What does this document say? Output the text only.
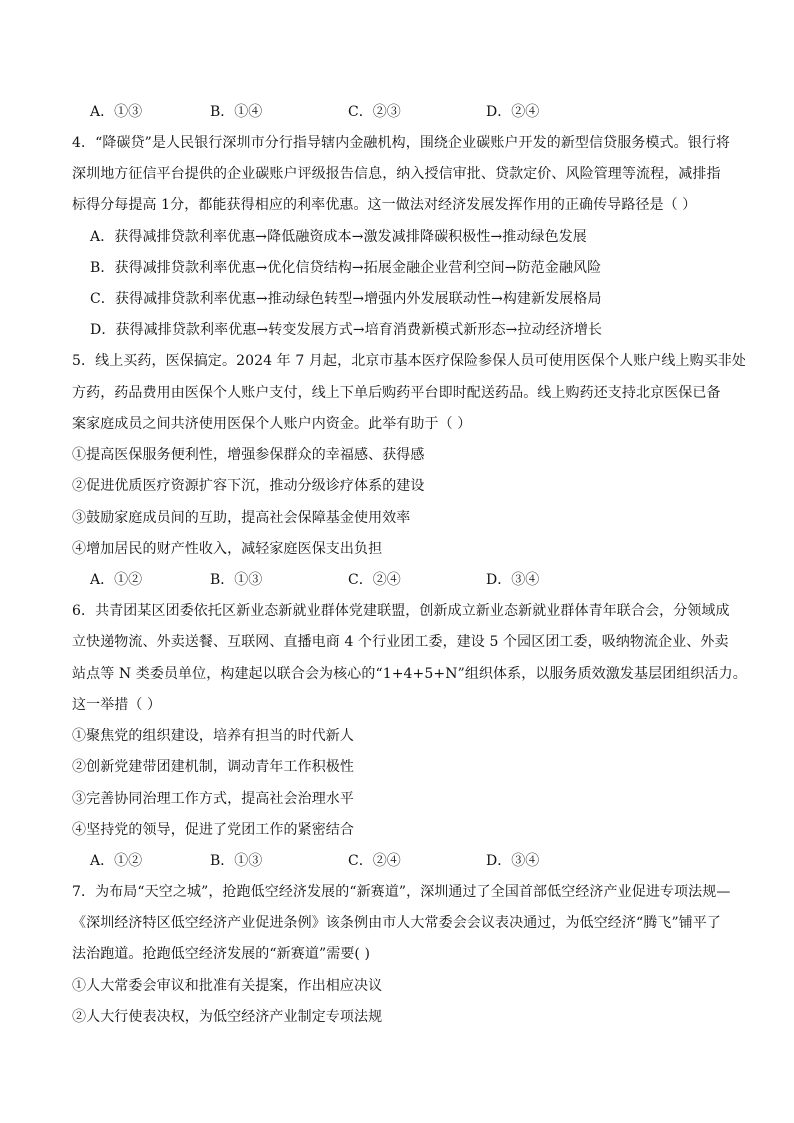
A．①③	B．①④	C．②③	D．②④
4．“降碳贷”是人民银行深圳市分行指导辖内金融机构，围绕企业碳账户开发的新型信贷服务模式。银行将
深圳地方征信平台提供的企业碳账户评级报告信息，纳入授信审批、贷款定价、风险管理等流程，减排指
标得分每提高 1分，都能获得相应的利率优惠。这一做法对经济发展发挥作用的正确传导路径是（ ）
A．获得减排贷款利率优惠→降低融资成本→激发减排降碳积极性→推动绿色发展
B．获得减排贷款利率优惠→优化信贷结构→拓展金融企业营利空间→防范金融风险
C．获得减排贷款利率优惠→推动绿色转型→增强内外发展联动性→构建新发展格局
D．获得减排贷款利率优惠→转变发展方式→培育消费新模式新形态→拉动经济增长
5．线上买药，医保搞定。2024 年 7 月起，北京市基本医疗保险参保人员可使用医保个人账户线上购买非处
方药，药品费用由医保个人账户支付，线上下单后购药平台即时配送药品。线上购药还支持北京医保已备
案家庭成员之间共济使用医保个人账户内资金。此举有助于（ ）
①提高医保服务便利性，增强参保群众的幸福感、获得感
②促进优质医疗资源扩容下沉，推动分级诊疗体系的建设
③鼓励家庭成员间的互助，提高社会保障基金使用效率
④增加居民的财产性收入，减轻家庭医保支出负担
A．①②	B．①③	C．②④	D．③④
6．共青团某区团委依托区新业态新就业群体党建联盟，创新成立新业态新就业群体青年联合会，分领域成
立快递物流、外卖送餐、互联网、直播电商 4 个行业团工委，建设 5 个园区团工委，吸纳物流企业、外卖
站点等 N 类委员单位，构建起以联合会为核心的“1+4+5+N”组织体系，以服务质效激发基层团组织活力。
这一举措（ ）
①聚焦党的组织建设，培养有担当的时代新人
②创新党建带团建机制，调动青年工作积极性
③完善协同治理工作方式，提高社会治理水平
④坚持党的领导，促进了党团工作的紧密结合
A．①②	B．①③	C．②④	D．③④
7．为布局“天空之城”，抢跑低空经济发展的“新赛道”，深圳通过了全国首部低空经济产业促进专项法规—
《深圳经济特区低空经济产业促进条例》该条例由市人大常委会会议表决通过，为低空经济“腾飞”铺平了
法治跑道。抢跑低空经济发展的“新赛道”需要( )
①人大常委会审议和批准有关提案，作出相应决议
②人大行使表决权，为低空经济产业制定专项法规
